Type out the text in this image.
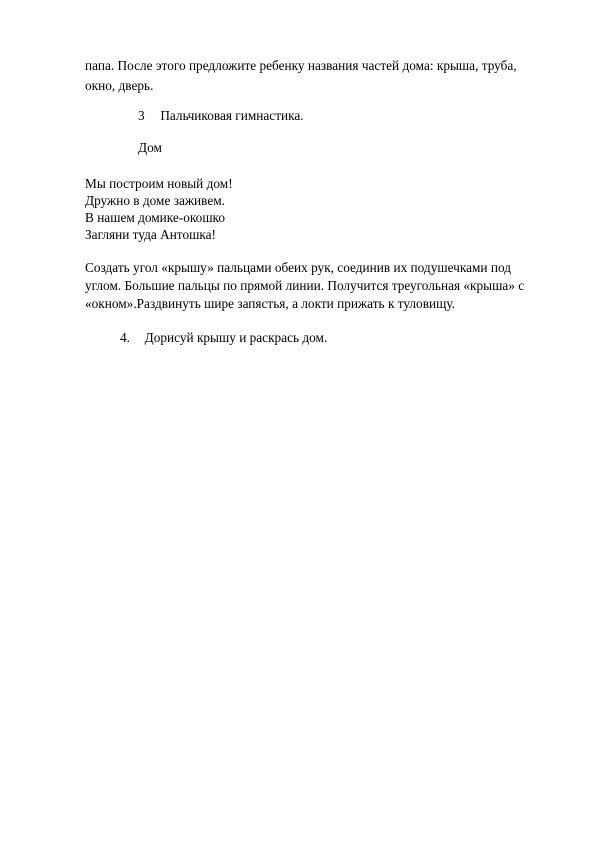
папа. После этого предложите ребенку названия частей дома: крыша, труба,
окно, дверь.
3 Пальчиковая гимнастика.
Дом
Мы построим новый дом!
Дружно в доме заживем.
В нашем домике-окошко
Загляни туда Антошка!
Создать угол «крышу» пальцами обеих рук, соединив их подушечками под
углом. Большие пальцы по прямой линии. Получится треугольная «крыша» с
«окном».Раздвинуть шире запястья, а локти прижать к туловищу.
4. Дорисуй крышу и раскрась дом.
